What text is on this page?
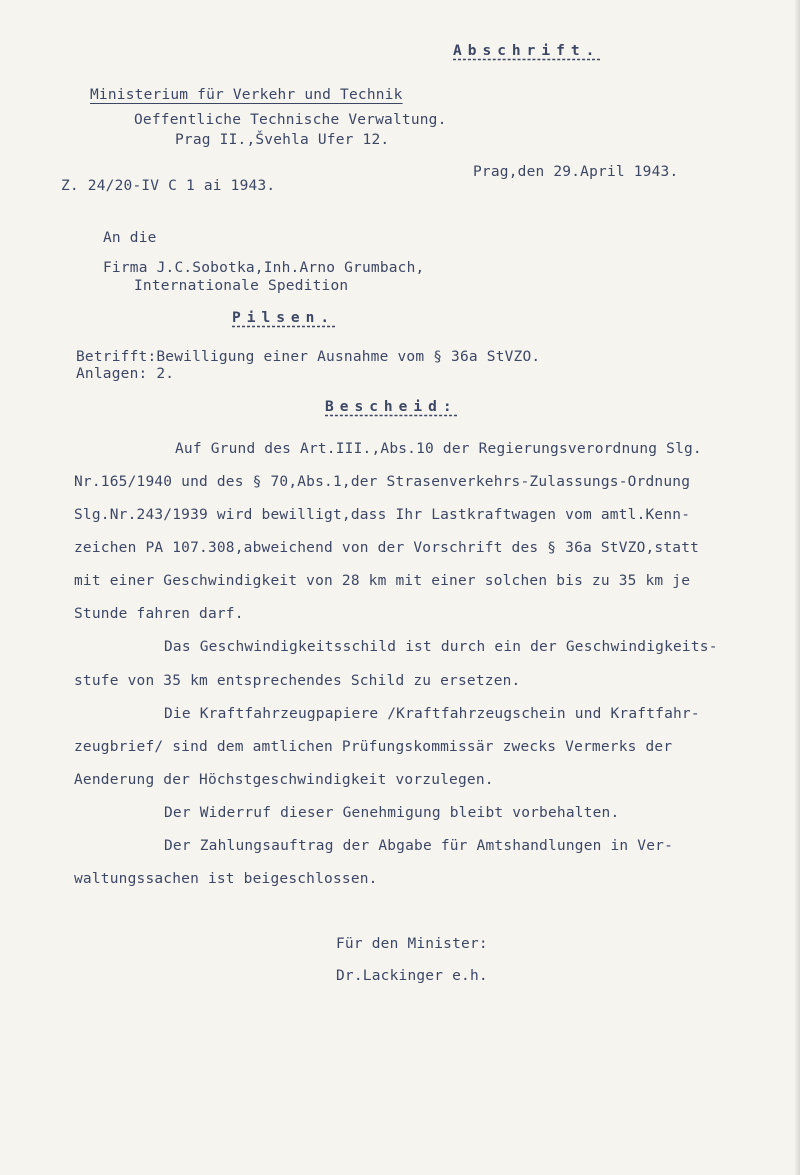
Abschrift.
Ministerium für Verkehr und Technik
Oeffentliche Technische Verwaltung.
Prag II.,Švehla Ufer 12.
Prag,den 29.April 1943.
Z. 24/20-IV C 1 ai 1943.
An die
Firma J.C.Sobotka,Inh.Arno Grumbach,
Internationale Spedition
Pilsen.
Betrifft:Bewilligung einer Ausnahme vom § 36a StVZO.
Anlagen: 2.
Bescheid:
Auf Grund des Art.III.,Abs.10 der Regierungsverordnung Slg.
Nr.165/1940 und des § 70,Abs.1,der Strasenverkehrs-Zulassungs-Ordnung
Slg.Nr.243/1939 wird bewilligt,dass Ihr Lastkraftwagen vom amtl.Kenn-
zeichen PA 107.308,abweichend von der Vorschrift des § 36a StVZO,statt
mit einer Geschwindigkeit von 28 km mit einer solchen bis zu 35 km je
Stunde fahren darf.
Das Geschwindigkeitsschild ist durch ein der Geschwindigkeits-
stufe von 35 km entsprechendes Schild zu ersetzen.
Die Kraftfahrzeugpapiere /Kraftfahrzeugschein und Kraftfahr-
zeugbrief/ sind dem amtlichen Prüfungskommissär zwecks Vermerks der
Aenderung der Höchstgeschwindigkeit vorzulegen.
Der Widerruf dieser Genehmigung bleibt vorbehalten.
Der Zahlungsauftrag der Abgabe für Amtshandlungen in Ver-
waltungssachen ist beigeschlossen.
Für den Minister:
Dr.Lackinger e.h.
